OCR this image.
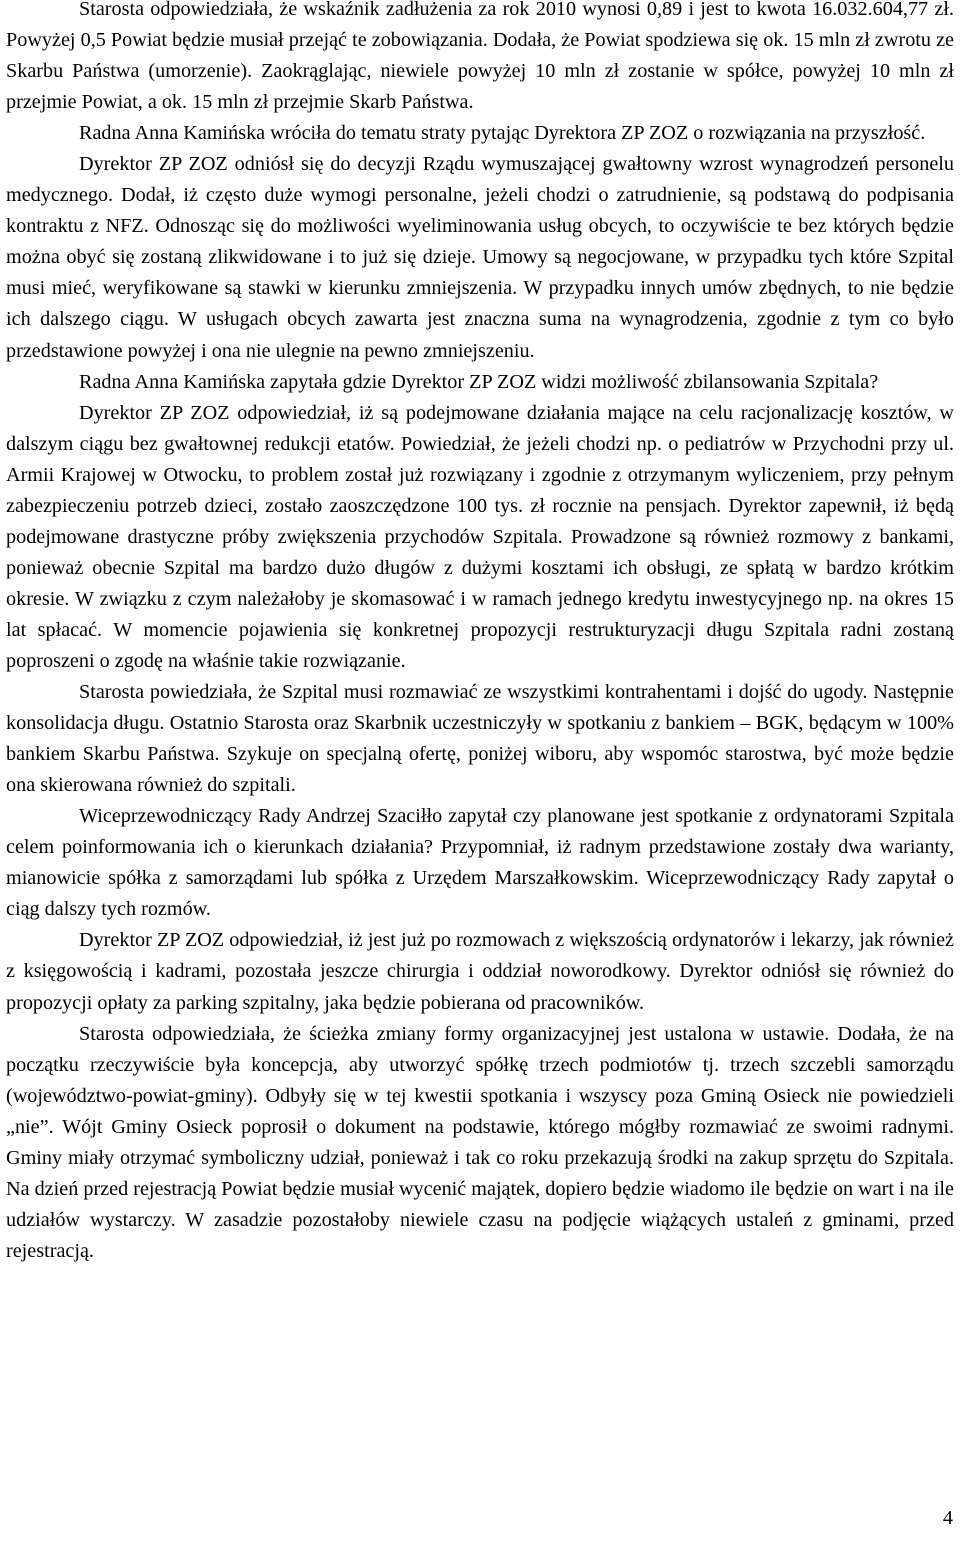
Starosta odpowiedziała, że wskaźnik zadłużenia za rok 2010 wynosi 0,89 i jest to kwota 16.032.604,77 zł. Powyżej 0,5 Powiat będzie musiał przejąć te zobowiązania. Dodała, że Powiat spodziewa się ok. 15 mln zł zwrotu ze Skarbu Państwa (umorzenie). Zaokrąglając, niewiele powyżej 10 mln zł zostanie w spółce, powyżej 10 mln zł przejmie Powiat, a ok. 15 mln zł przejmie Skarb Państwa.

Radna Anna Kamińska wróciła do tematu straty pytając Dyrektora ZP ZOZ o rozwiązania na przyszłość.

Dyrektor ZP ZOZ odniósł się do decyzji Rządu wymuszającej gwałtowny wzrost wynagrodzeń personelu medycznego. Dodał, iż często duże wymogi personalne, jeżeli chodzi o zatrudnienie, są podstawą do podpisania kontraktu z NFZ. Odnosząc się do możliwości wyeliminowania usług obcych, to oczywiście te bez których będzie można obyć się zostaną zlikwidowane i to już się dzieje. Umowy są negocjowane, w przypadku tych które Szpital musi mieć, weryfikowane są stawki w kierunku zmniejszenia. W przypadku innych umów zbędnych, to nie będzie ich dalszego ciągu. W usługach obcych zawarta jest znaczna suma na wynagrodzenia, zgodnie z tym co było przedstawione powyżej i ona nie ulegnie na pewno zmniejszeniu.

Radna Anna Kamińska zapytała gdzie Dyrektor ZP ZOZ widzi możliwość zbilansowania Szpitala?

Dyrektor ZP ZOZ odpowiedział, iż są podejmowane działania mające na celu racjonalizację kosztów, w dalszym ciągu bez gwałtownej redukcji etatów. Powiedział, że jeżeli chodzi np. o pediatrów w Przychodni przy ul. Armii Krajowej w Otwocku, to problem został już rozwiązany i zgodnie z otrzymanym wyliczeniem, przy pełnym zabezpieczeniu potrzeb dzieci, zostało zaoszczędzone 100 tys. zł rocznie na pensjach. Dyrektor zapewnił, iż będą podejmowane drastyczne próby zwiększenia przychodów Szpitala. Prowadzone są również rozmowy z bankami, ponieważ obecnie Szpital ma bardzo dużo długów z dużymi kosztami ich obsługi, ze spłatą w bardzo krótkim okresie. W związku z czym należałoby je skomasować i w ramach jednego kredytu inwestycyjnego np. na okres 15 lat spłacać. W momencie pojawienia się konkretnej propozycji restrukturyzacji długu Szpitala radni zostaną poproszeni o zgodę na właśnie takie rozwiązanie.

Starosta powiedziała, że Szpital musi rozmawiać ze wszystkimi kontrahentami i dojść do ugody. Następnie konsolidacja długu. Ostatnio Starosta oraz Skarbnik uczestniczyły w spotkaniu z bankiem – BGK, będącym w 100% bankiem Skarbu Państwa. Szykuje on specjalną ofertę, poniżej wiboru, aby wspomóc starostwa, być może będzie ona skierowana również do szpitali.

Wiceprzewodniczący Rady Andrzej Szaciłło zapytał czy planowane jest spotkanie z ordynatorami Szpitala celem poinformowania ich o kierunkach działania? Przypomniał, iż radnym przedstawione zostały dwa warianty, mianowicie spółka z samorządami lub spółka z Urzędem Marszałkowskim. Wiceprzewodniczący Rady zapytał o ciąg dalszy tych rozmów.

Dyrektor ZP ZOZ odpowiedział, iż jest już po rozmowach z większością ordynatorów i lekarzy, jak również z księgowością i kadrami, pozostała jeszcze chirurgia i oddział noworodkowy. Dyrektor odniósł się również do propozycji opłaty za parking szpitalny, jaka będzie pobierana od pracowników.

Starosta odpowiedziała, że ścieżka zmiany formy organizacyjnej jest ustalona w ustawie. Dodała, że na początku rzeczywiście była koncepcja, aby utworzyć spółkę trzech podmiotów tj. trzech szczebli samorządu (województwo-powiat-gminy). Odbyły się w tej kwestii spotkania i wszyscy poza Gminą Osieck nie powiedzieli „nie”. Wójt Gminy Osieck poprosił o dokument na podstawie, którego mógłby rozmawiać ze swoimi radnymi. Gminy miały otrzymać symboliczny udział, ponieważ i tak co roku przekazują środki na zakup sprzętu do Szpitala. Na dzień przed rejestracją Powiat będzie musiał wycenić majątek, dopiero będzie wiadomo ile będzie on wart i na ile udziałów wystarczy. W zasadzie pozostałoby niewiele czasu na podjęcie wiążących ustaleń z gminami, przed rejestracją.

4
